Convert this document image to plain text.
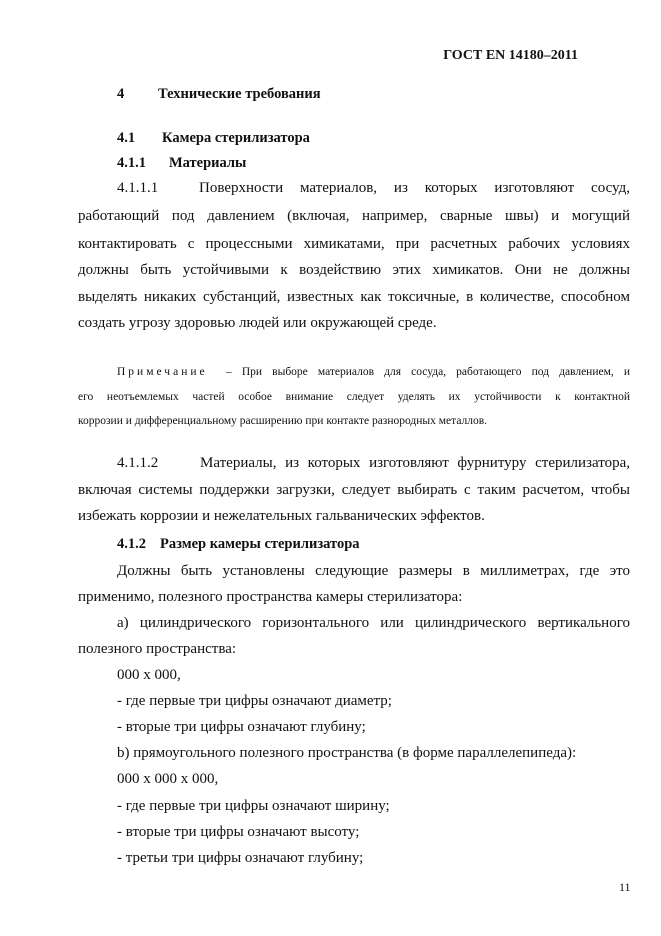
ГОСТ EN 14180–2011
4 Технические требования
4.1 Камера стерилизатора
4.1.1 Материалы
4.1.1.1	Поверхности материалов, из которых изготовляют сосуд,
работающий под давлением (включая, например, сварные швы) и могущий
контактировать с процессными химикатами, при расчетных рабочих условиях
должны быть устойчивыми к воздействию этих химикатов. Они не должны
выделять никаких субстанций, известных как токсичные, в количестве, способном
создать угрозу здоровью людей или окружающей среде.
Примечание – При выборе материалов для сосуда, работающего под давлением, и
его неотъемлемых частей особое внимание следует уделять их устойчивости к контактной
коррозии и дифференциальному расширению при контакте разнородных металлов.
4.1.1.2	Материалы, из которых изготовляют фурнитуру стерилизатора,
включая системы поддержки загрузки, следует выбирать с таким расчетом, чтобы
избежать коррозии и нежелательных гальванических эффектов.
4.1.2 Размер камеры стерилизатора
Должны быть установлены следующие размеры в миллиметрах, где это
применимо, полезного пространства камеры стерилизатора:
а) цилиндрического горизонтального или цилиндрического вертикального
полезного пространства:
000 х 000,
- где первые три цифры означают диаметр;
- вторые три цифры означают глубину;
b) прямоугольного полезного пространства (в форме параллелепипеда):
000 х 000 х 000,
- где первые три цифры означают ширину;
- вторые три цифры означают высоту;
- третьи три цифры означают глубину;
11
